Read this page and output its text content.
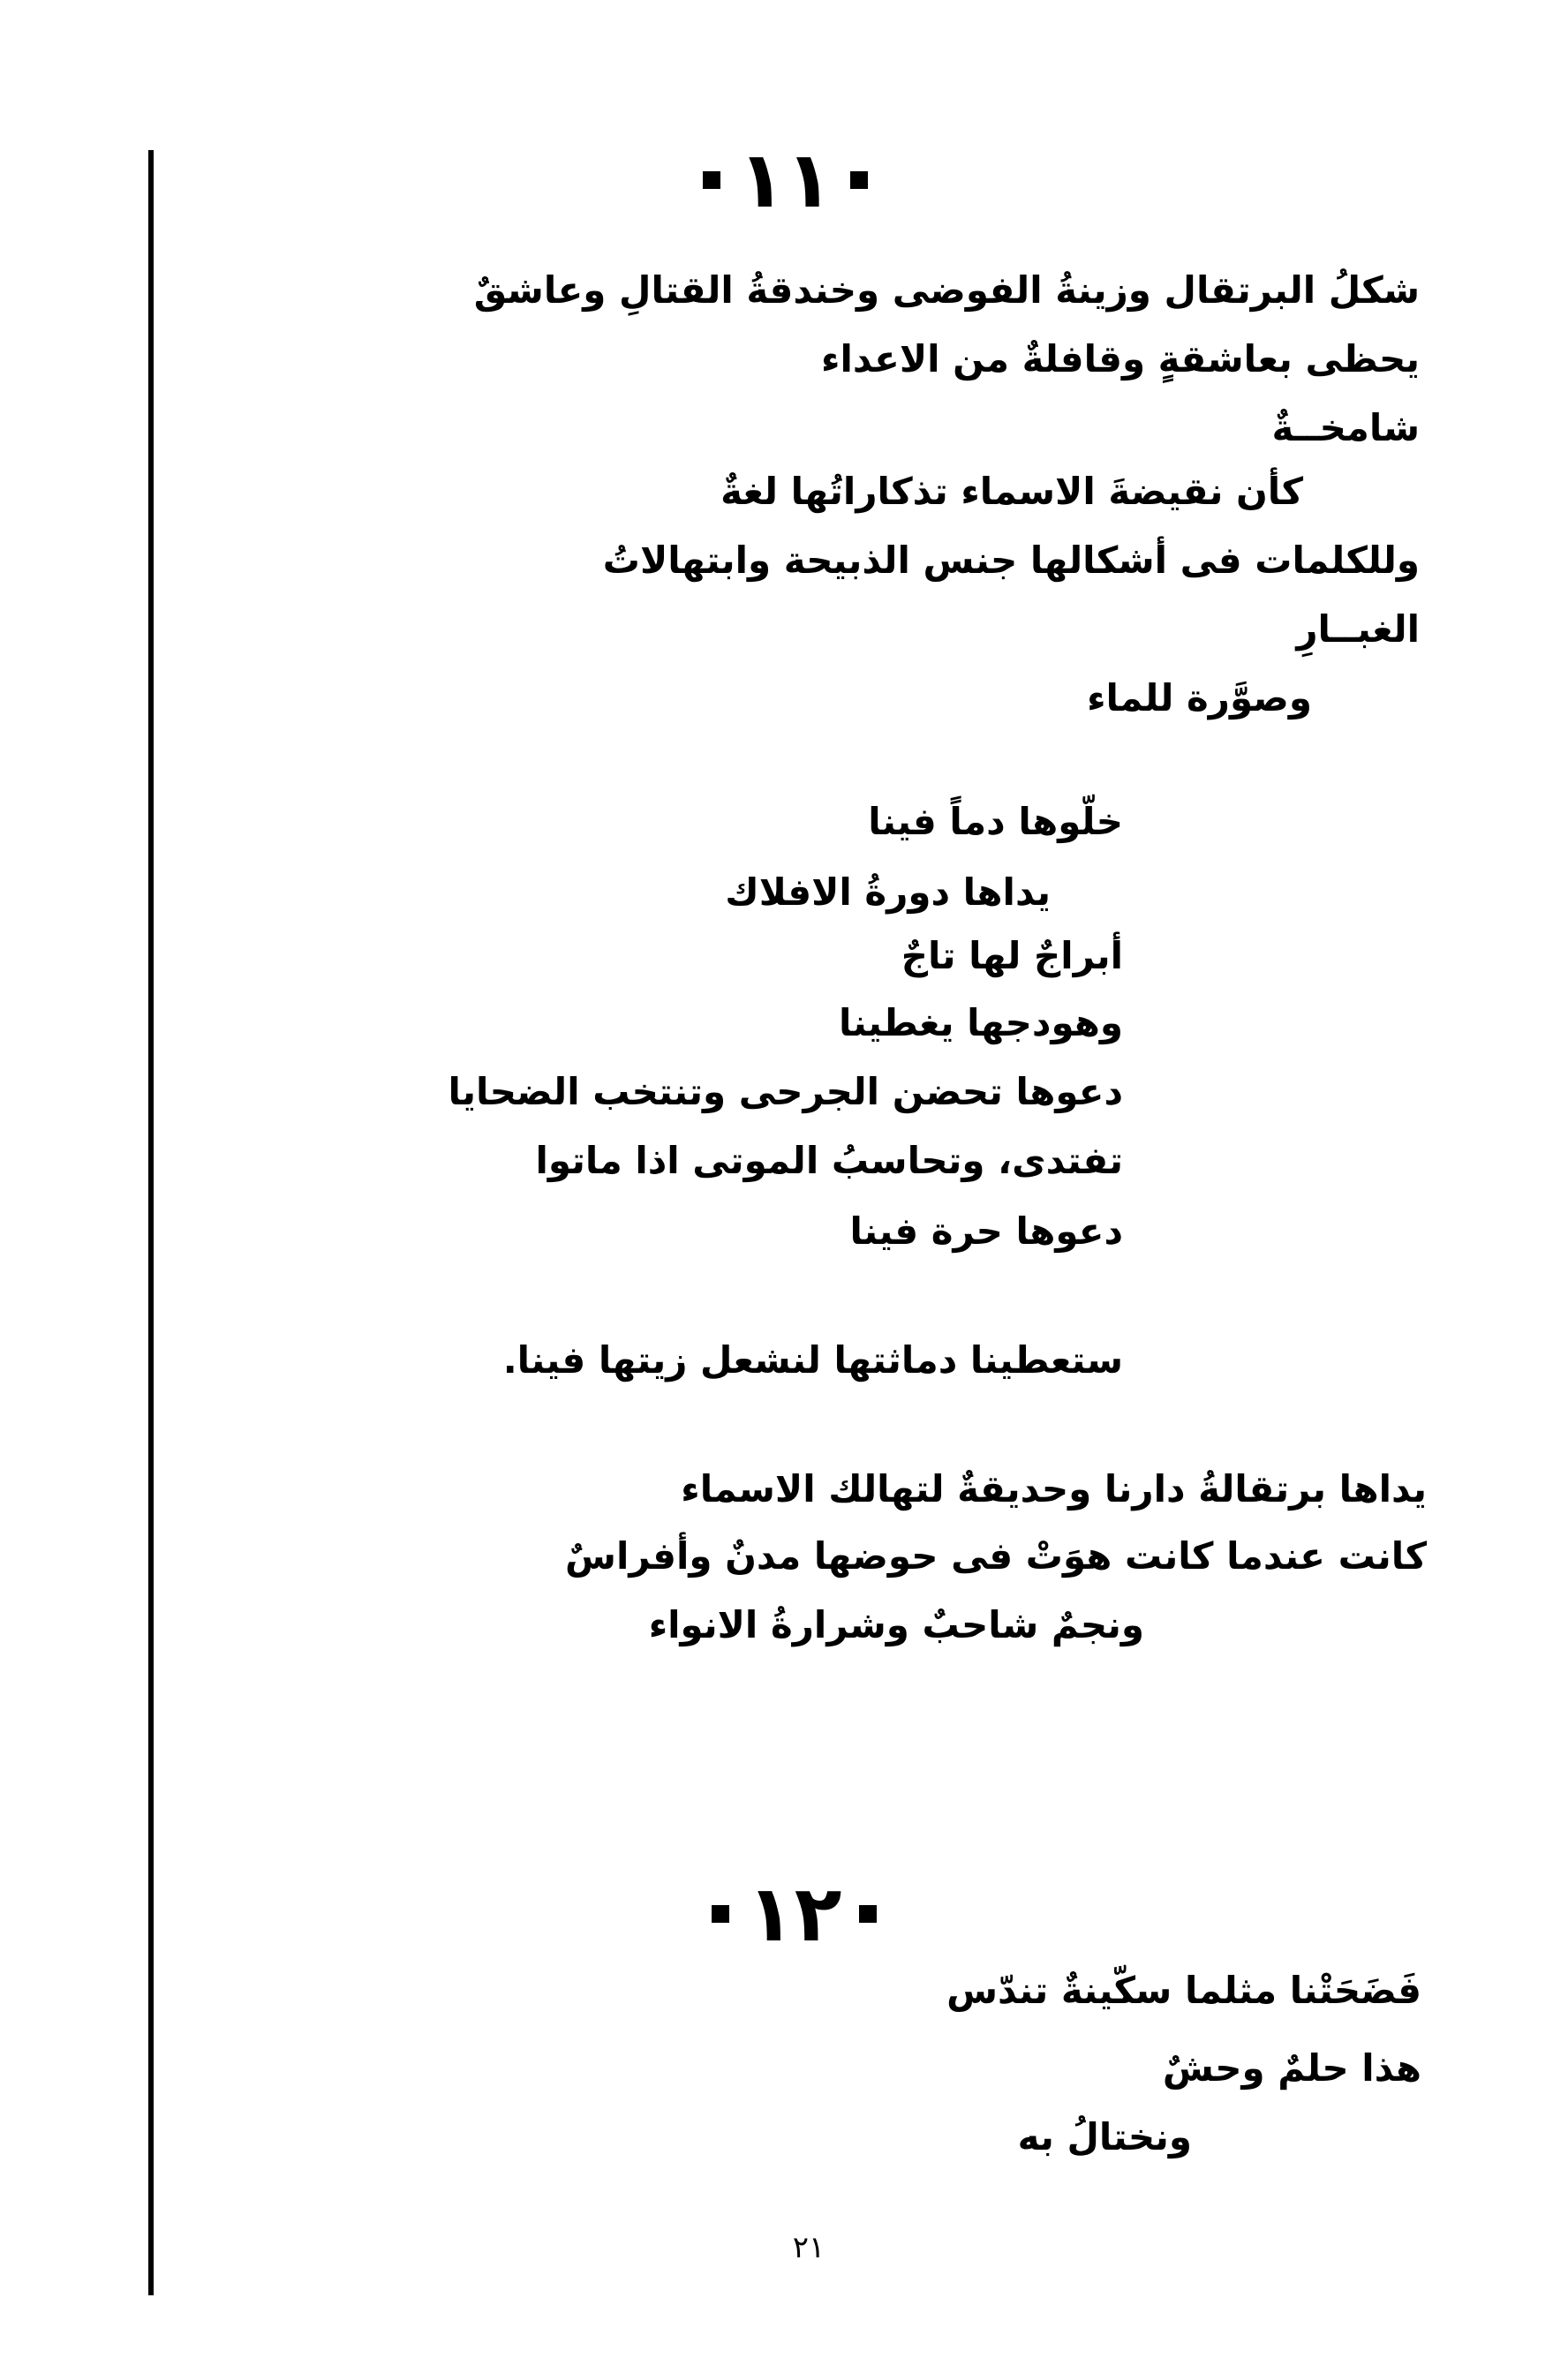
١١
شكلُ البرتقال وزينةُ الفوضى وخندقةُ القتالِ وعاشقٌ
يحظى بعاشقةٍ وقافلةٌ من الاعداء
شامخــةٌ
كأن نقيضةَ الاسماء تذكاراتُها لغةٌ
وللكلمات فى أشكالها جنس الذبيحة وابتهالاتُ
الغبــارِ
وصوَّرة للماء
خلّوها دماً فينا
يداها دورةُ الافلاك
أبراجٌ لها تاجٌ
وهودجها يغطينا
دعوها تحضن الجرحى وتنتخب الضحايا
تفتدى، وتحاسبُ الموتى اذا ماتوا
دعوها حرة فينا
ستعطينا دماثتها لنشعل زيتها فينا.
يداها برتقالةُ دارنا وحديقةٌ لتهالك الاسماء
كانت عندما كانت هوَتْ فى حوضها مدنٌ وأفراسٌ
ونجمٌ شاحبٌ وشرارةُ الانواء
١٢
فَضَحَتْنا مثلما سكّينةٌ تندّس
هذا حلمٌ وحشٌ
ونختالُ به
٢١
